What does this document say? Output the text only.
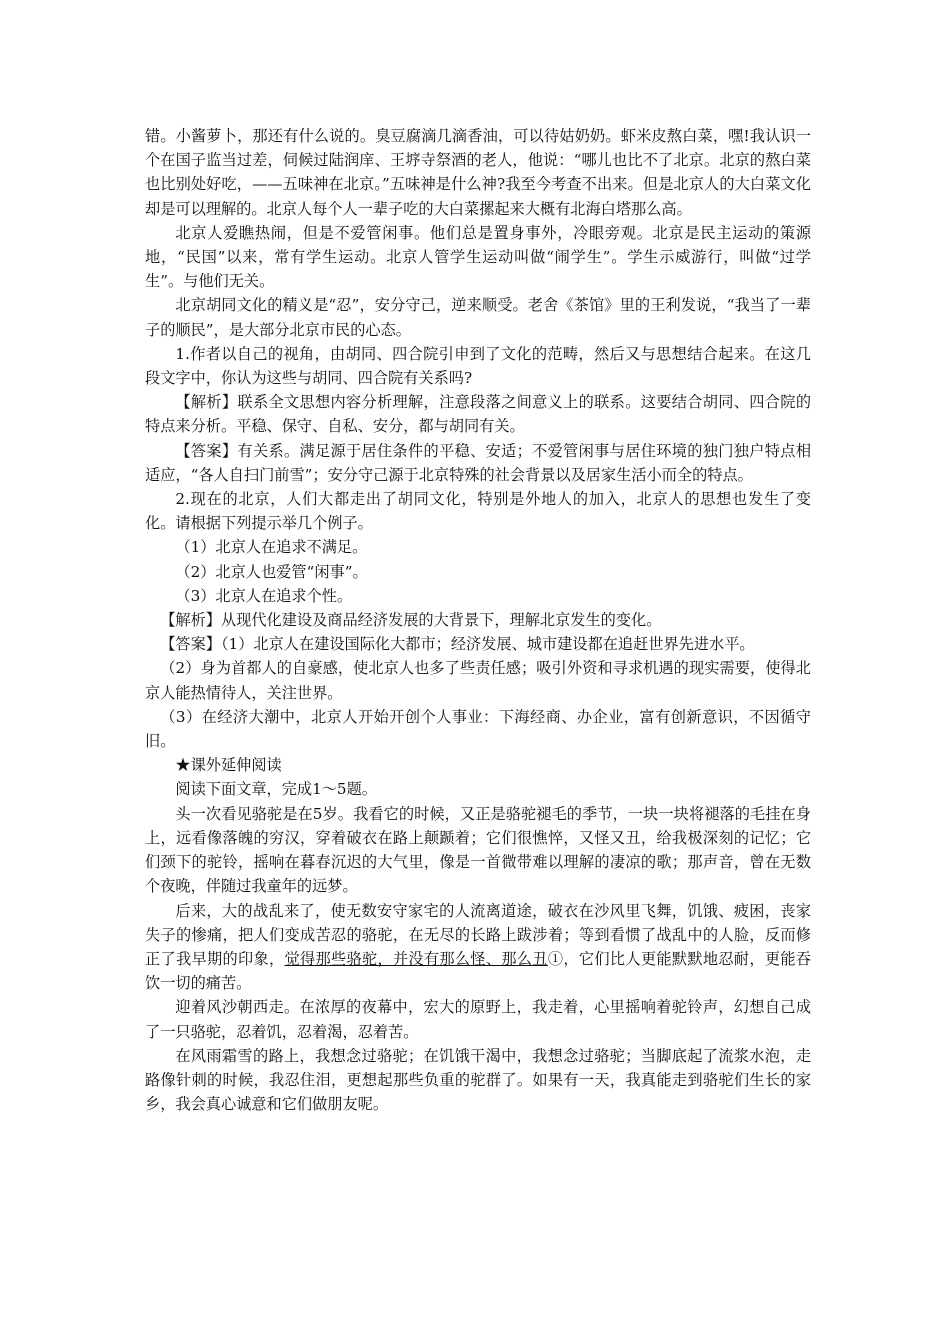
错。小酱萝卜，那还有什么说的。臭豆腐滴几滴香油，可以待姑奶奶。虾米皮熬白菜，嘿!我认识一个在国子监当过差，伺候过陆润庠、王垿寺祭酒的老人，他说：“哪儿也比不了北京。北京的熬白菜也比别处好吃，——五味神在北京。”五味神是什么神?我至今考查不出来。但是北京人的大白菜文化却是可以理解的。北京人每个人一辈子吃的大白菜摞起来大概有北海白塔那么高。

北京人爱瞧热闹，但是不爱管闲事。他们总是置身事外，冷眼旁观。北京是民主运动的策源地，“民国”以来，常有学生运动。北京人管学生运动叫做“闹学生”。学生示威游行，叫做“过学生”。与他们无关。

北京胡同文化的精义是“忍”，安分守己，逆来顺受。老舍《茶馆》里的王利发说，“我当了一辈子的顺民”，是大部分北京市民的心态。

1.作者以自己的视角，由胡同、四合院引申到了文化的范畴，然后又与思想结合起来。在这几段文字中，你认为这些与胡同、四合院有关系吗?

【解析】联系全文思想内容分析理解，注意段落之间意义上的联系。这要结合胡同、四合院的特点来分析。平稳、保守、自私、安分，都与胡同有关。

【答案】有关系。满足源于居住条件的平稳、安适；不爱管闲事与居住环境的独门独户特点相适应，“各人自扫门前雪”；安分守己源于北京特殊的社会背景以及居家生活小而全的特点。

2.现在的北京，人们大都走出了胡同文化，特别是外地人的加入，北京人的思想也发生了变化。请根据下列提示举几个例子。

（1）北京人在追求不满足。

（2）北京人也爱管“闲事”。

（3）北京人在追求个性。

【解析】从现代化建设及商品经济发展的大背景下，理解北京发生的变化。

【答案】（1）北京人在建设国际化大都市；经济发展、城市建设都在追赶世界先进水平。

（2）身为首都人的自豪感，使北京人也多了些责任感；吸引外资和寻求机遇的现实需要，使得北京人能热情待人，关注世界。

（3）在经济大潮中，北京人开始开创个人事业：下海经商、办企业，富有创新意识，不因循守旧。

★课外延伸阅读

阅读下面文章，完成1～5题。

头一次看见骆驼是在5岁。我看它的时候，又正是骆驼褪毛的季节，一块一块将褪落的毛挂在身上，远看像落魄的穷汉，穿着破衣在路上颠踬着；它们很憔悴，又怪又丑，给我极深刻的记忆；它们颈下的驼铃，摇响在暮春沉迟的大气里，像是一首微带难以理解的凄凉的歌；那声音，曾在无数个夜晚，伴随过我童年的远梦。

后来，大的战乱来了，使无数安守家宅的人流离道途，破衣在沙风里飞舞，饥饿、疲困，丧家失子的惨痛，把人们变成苦忍的骆驼，在无尽的长路上跋涉着；等到看惯了战乱中的人脸，反而修正了我早期的印象，觉得那些骆驼，并没有那么怪、那么丑①，它们比人更能默默地忍耐，更能吞饮一切的痛苦。

迎着风沙朝西走。在浓厚的夜幕中，宏大的原野上，我走着，心里摇响着驼铃声，幻想自己成了一只骆驼，忍着饥，忍着渴，忍着苦。

在风雨霜雪的路上，我想念过骆驼；在饥饿干渴中，我想念过骆驼；当脚底起了流浆水泡，走路像针刺的时候，我忍住泪，更想起那些负重的驼群了。如果有一天，我真能走到骆驼们生长的家乡，我会真心诚意和它们做朋友呢。
